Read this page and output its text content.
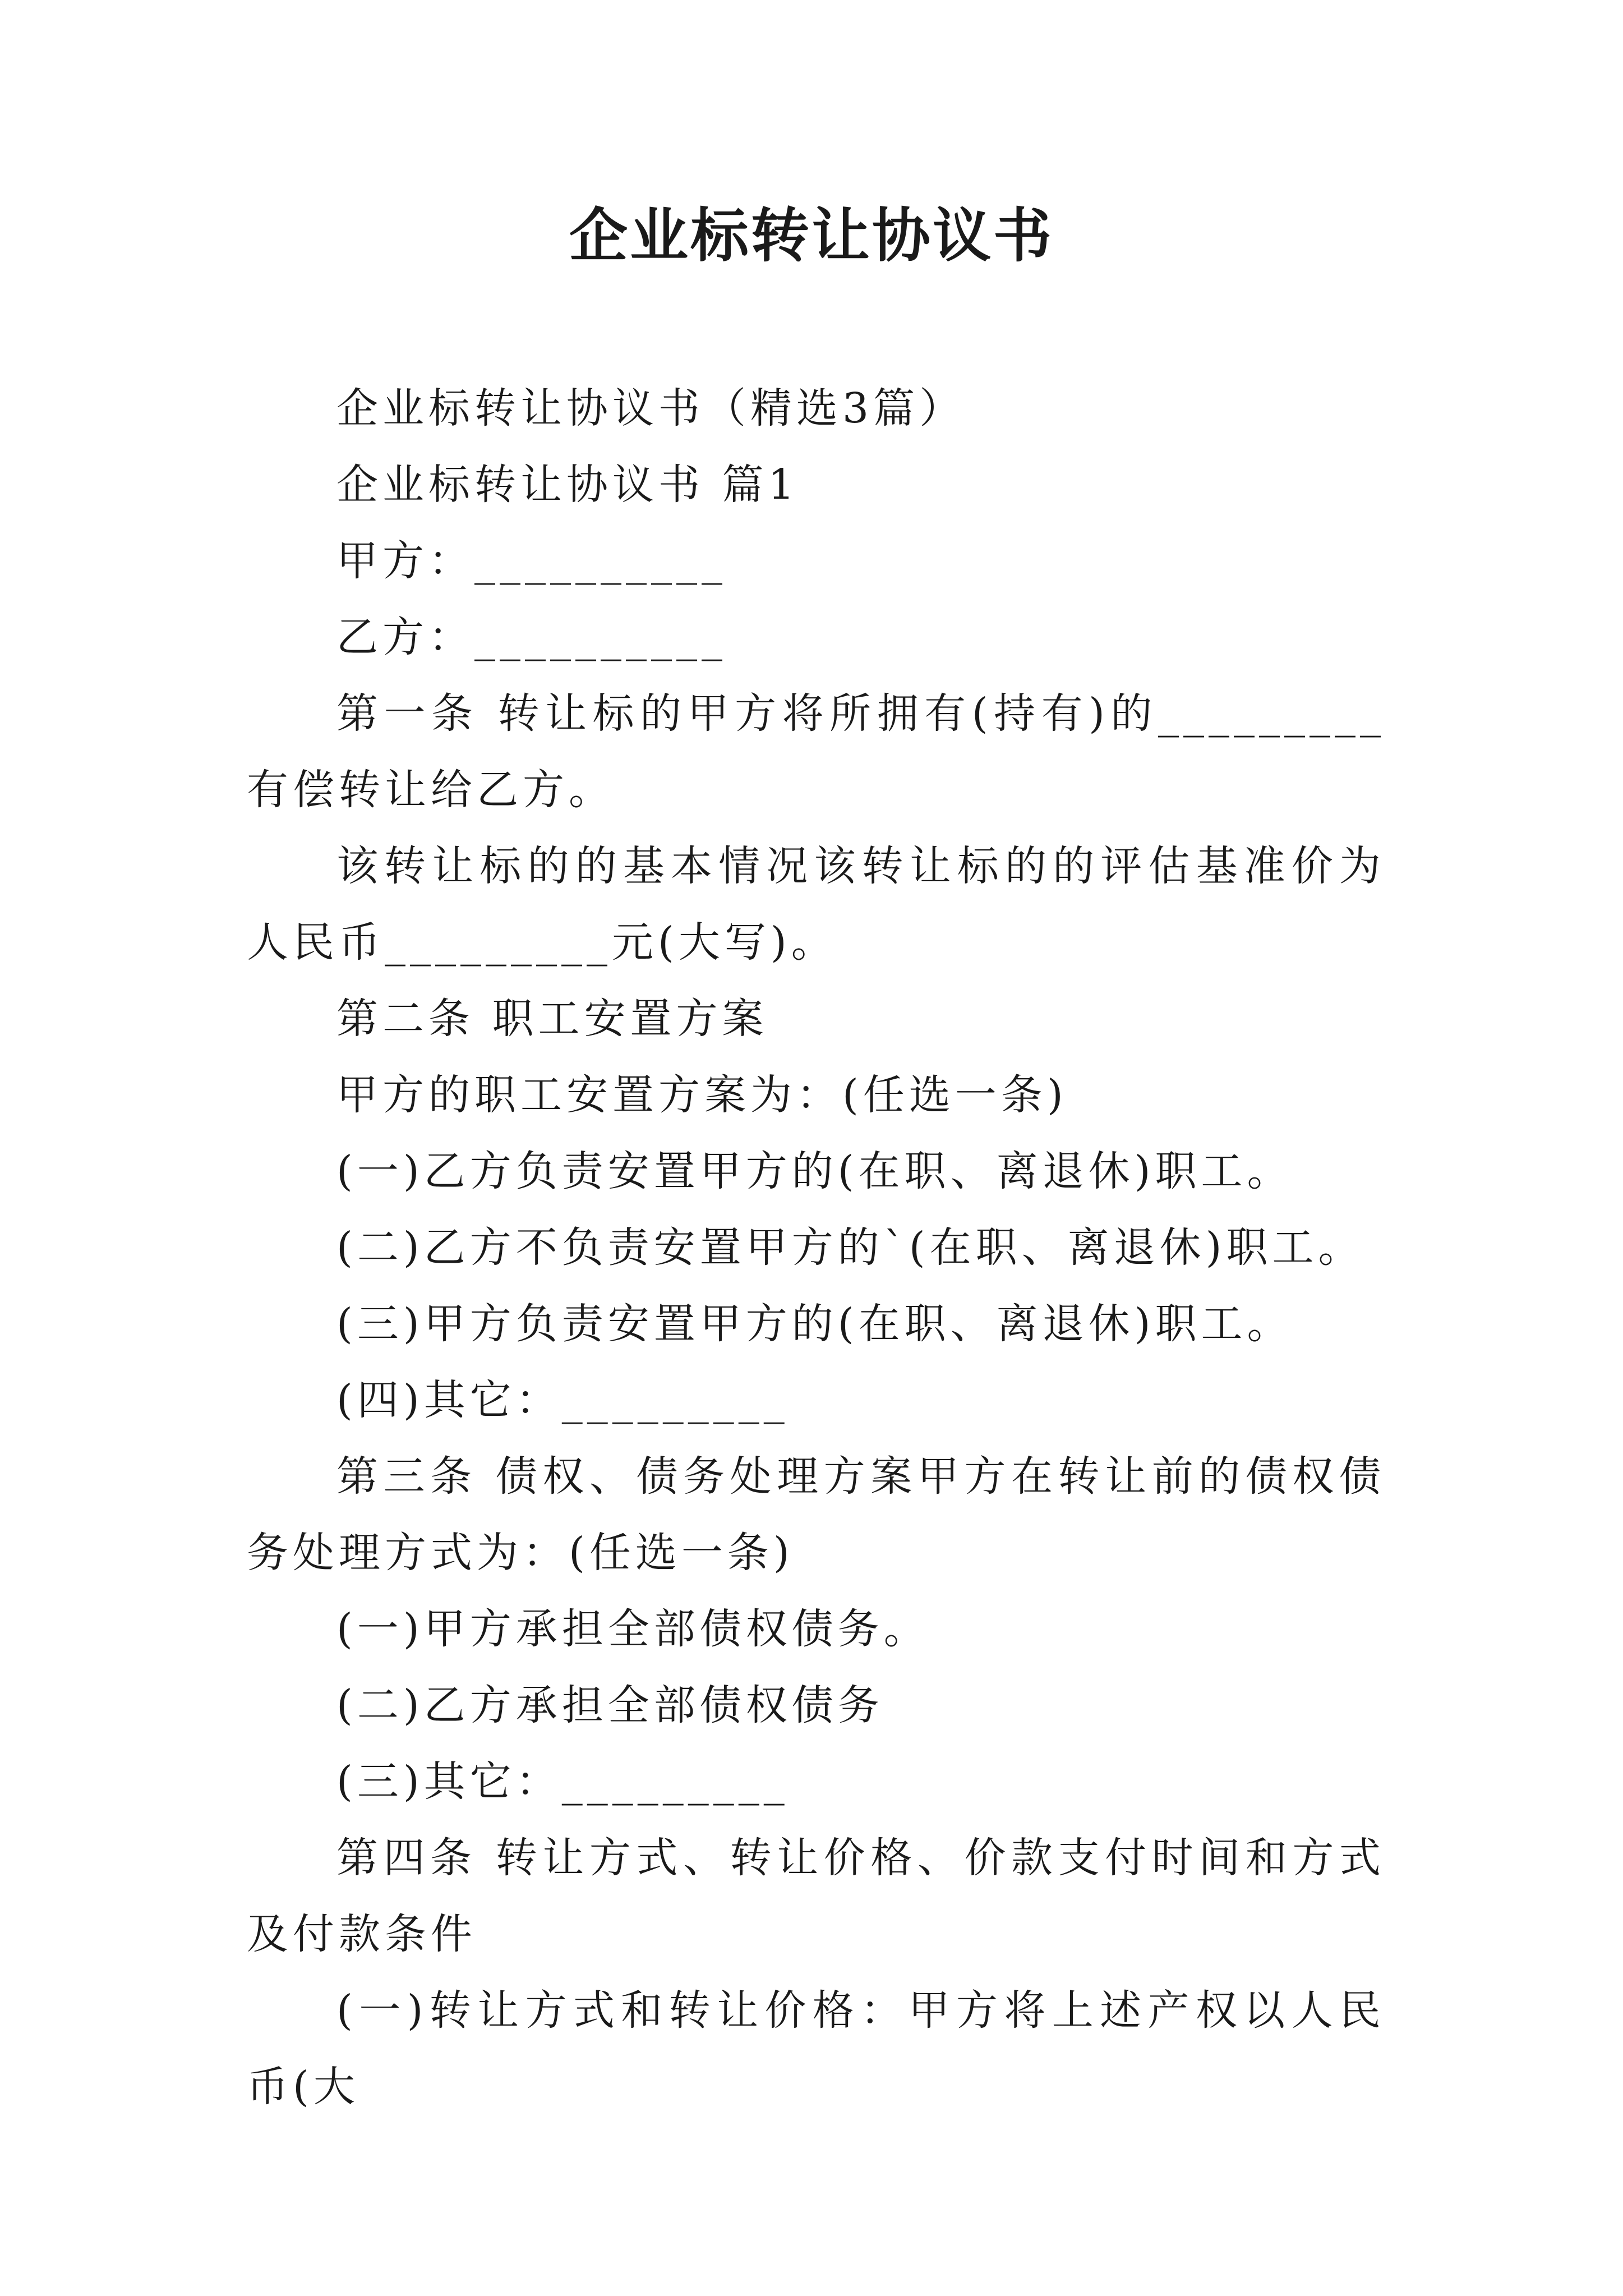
企业标转让协议书

企业标转让协议书（精选3篇）

企业标转让协议书 篇1

甲方：__________

乙方：__________

第一条 转让标的甲方将所拥有(持有)的_________有偿转让给乙方。

该转让标的的基本情况该转让标的的评估基准价为人民币_________元(大写)。

第二条 职工安置方案

甲方的职工安置方案为：(任选一条)

(一)乙方负责安置甲方的(在职、离退休)职工。

(二)乙方不负责安置甲方的`(在职、离退休)职工。

(三)甲方负责安置甲方的(在职、离退休)职工。

(四)其它：_________

第三条 债权、债务处理方案甲方在转让前的债权债务处理方式为：(任选一条)

(一)甲方承担全部债权债务。

(二)乙方承担全部债权债务

(三)其它：_________

第四条 转让方式、转让价格、价款支付时间和方式及付款条件

(一)转让方式和转让价格：甲方将上述产权以人民币(大
